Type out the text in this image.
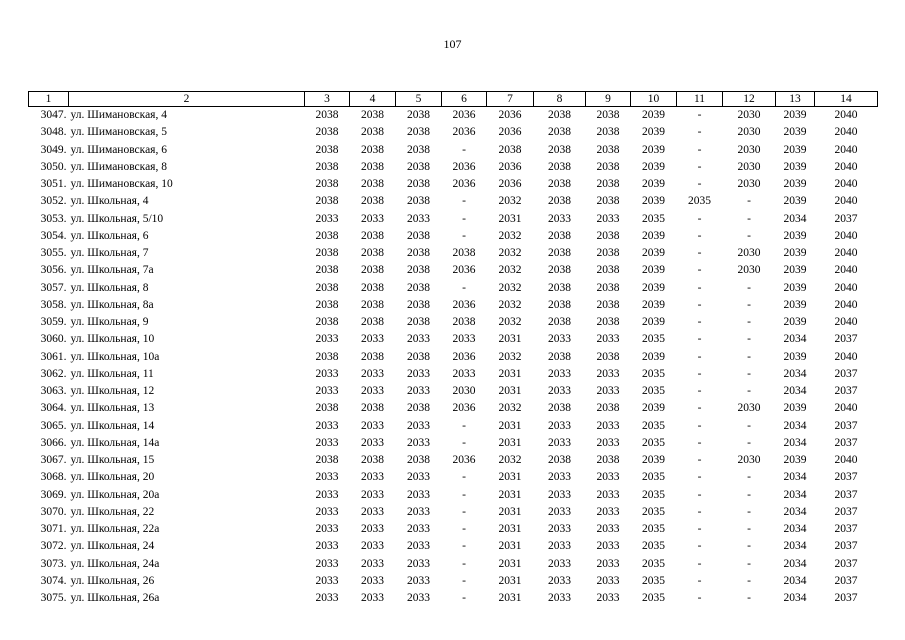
107
1	2	3	4	5	6	7	8	9	10	11	12	13	14
3047.	ул. Шимановская, 4	2038	2038	2038	2036	2036	2038	2038	2039	-	2030	2039	2040
3048.	ул. Шимановская, 5	2038	2038	2038	2036	2036	2038	2038	2039	-	2030	2039	2040
3049.	ул. Шимановская, 6	2038	2038	2038	-	2038	2038	2038	2039	-	2030	2039	2040
3050.	ул. Шимановская, 8	2038	2038	2038	2036	2036	2038	2038	2039	-	2030	2039	2040
3051.	ул. Шимановская, 10	2038	2038	2038	2036	2036	2038	2038	2039	-	2030	2039	2040
3052.	ул. Школьная, 4	2038	2038	2038	-	2032	2038	2038	2039	2035	-	2039	2040
3053.	ул. Школьная, 5/10	2033	2033	2033	-	2031	2033	2033	2035	-	-	2034	2037
3054.	ул. Школьная, 6	2038	2038	2038	-	2032	2038	2038	2039	-	-	2039	2040
3055.	ул. Школьная, 7	2038	2038	2038	2038	2032	2038	2038	2039	-	2030	2039	2040
3056.	ул. Школьная, 7а	2038	2038	2038	2036	2032	2038	2038	2039	-	2030	2039	2040
3057.	ул. Школьная, 8	2038	2038	2038	-	2032	2038	2038	2039	-	-	2039	2040
3058.	ул. Школьная, 8а	2038	2038	2038	2036	2032	2038	2038	2039	-	-	2039	2040
3059.	ул. Школьная, 9	2038	2038	2038	2038	2032	2038	2038	2039	-	-	2039	2040
3060.	ул. Школьная, 10	2033	2033	2033	2033	2031	2033	2033	2035	-	-	2034	2037
3061.	ул. Школьная, 10а	2038	2038	2038	2036	2032	2038	2038	2039	-	-	2039	2040
3062.	ул. Школьная, 11	2033	2033	2033	2033	2031	2033	2033	2035	-	-	2034	2037
3063.	ул. Школьная, 12	2033	2033	2033	2030	2031	2033	2033	2035	-	-	2034	2037
3064.	ул. Школьная, 13	2038	2038	2038	2036	2032	2038	2038	2039	-	2030	2039	2040
3065.	ул. Школьная, 14	2033	2033	2033	-	2031	2033	2033	2035	-	-	2034	2037
3066.	ул. Школьная, 14а	2033	2033	2033	-	2031	2033	2033	2035	-	-	2034	2037
3067.	ул. Школьная, 15	2038	2038	2038	2036	2032	2038	2038	2039	-	2030	2039	2040
3068.	ул. Школьная, 20	2033	2033	2033	-	2031	2033	2033	2035	-	-	2034	2037
3069.	ул. Школьная, 20а	2033	2033	2033	-	2031	2033	2033	2035	-	-	2034	2037
3070.	ул. Школьная, 22	2033	2033	2033	-	2031	2033	2033	2035	-	-	2034	2037
3071.	ул. Школьная, 22а	2033	2033	2033	-	2031	2033	2033	2035	-	-	2034	2037
3072.	ул. Школьная, 24	2033	2033	2033	-	2031	2033	2033	2035	-	-	2034	2037
3073.	ул. Школьная, 24а	2033	2033	2033	-	2031	2033	2033	2035	-	-	2034	2037
3074.	ул. Школьная, 26	2033	2033	2033	-	2031	2033	2033	2035	-	-	2034	2037
3075.	ул. Школьная, 26а	2033	2033	2033	-	2031	2033	2033	2035	-	-	2034	2037
